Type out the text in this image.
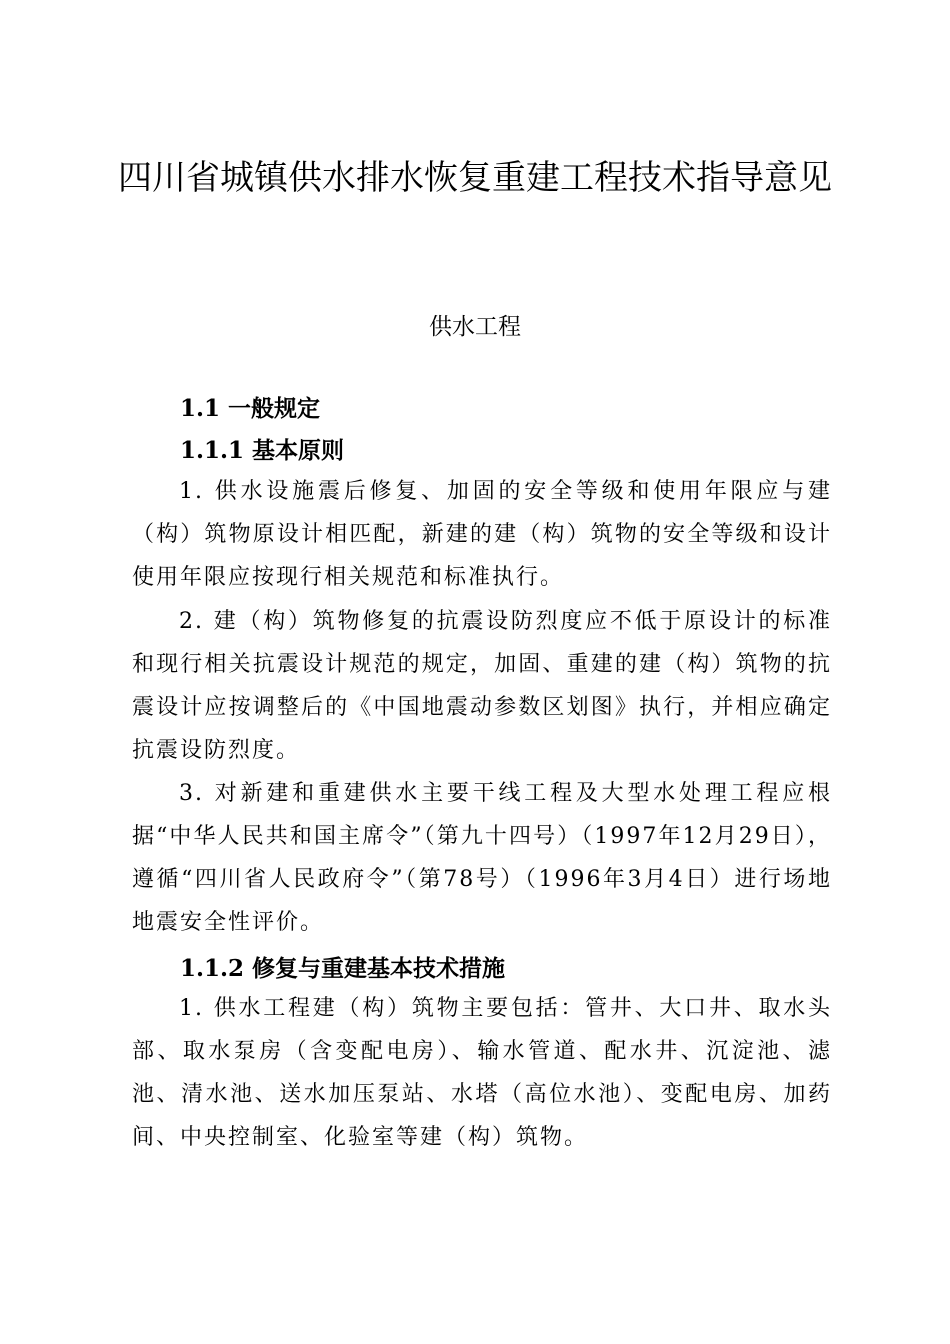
四川省城镇供水排水恢复重建工程技术指导意见
供水工程
1.1 一般规定
1.1.1 基本原则

1. 供水设施震后修复、加固的安全等级和使用年限应与建（构）筑物原设计相匹配，新建的建（构）筑物的安全等级和设计使用年限应按现行相关规范和标准执行。

2. 建（构）筑物修复的抗震设防烈度应不低于原设计的标准和现行相关抗震设计规范的规定，加固、重建的建（构）筑物的抗震设计应按调整后的《中国地震动参数区划图》执行，并相应确定抗震设防烈度。

3. 对新建和重建供水主要干线工程及大型水处理工程应根据“中华人民共和国主席令”（第九十四号）（1997年12月29日），遵循“四川省人民政府令”（第78号）（1996年3月4日）进行场地地震安全性评价。

1.1.2 修复与重建基本技术措施

1. 供水工程建（构）筑物主要包括：管井、大口井、取水头部、取水泵房（含变配电房）、输水管道、配水井、沉淀池、滤池、清水池、送水加压泵站、水塔（高位水池）、变配电房、加药间、中央控制室、化验室等建（构）筑物。
